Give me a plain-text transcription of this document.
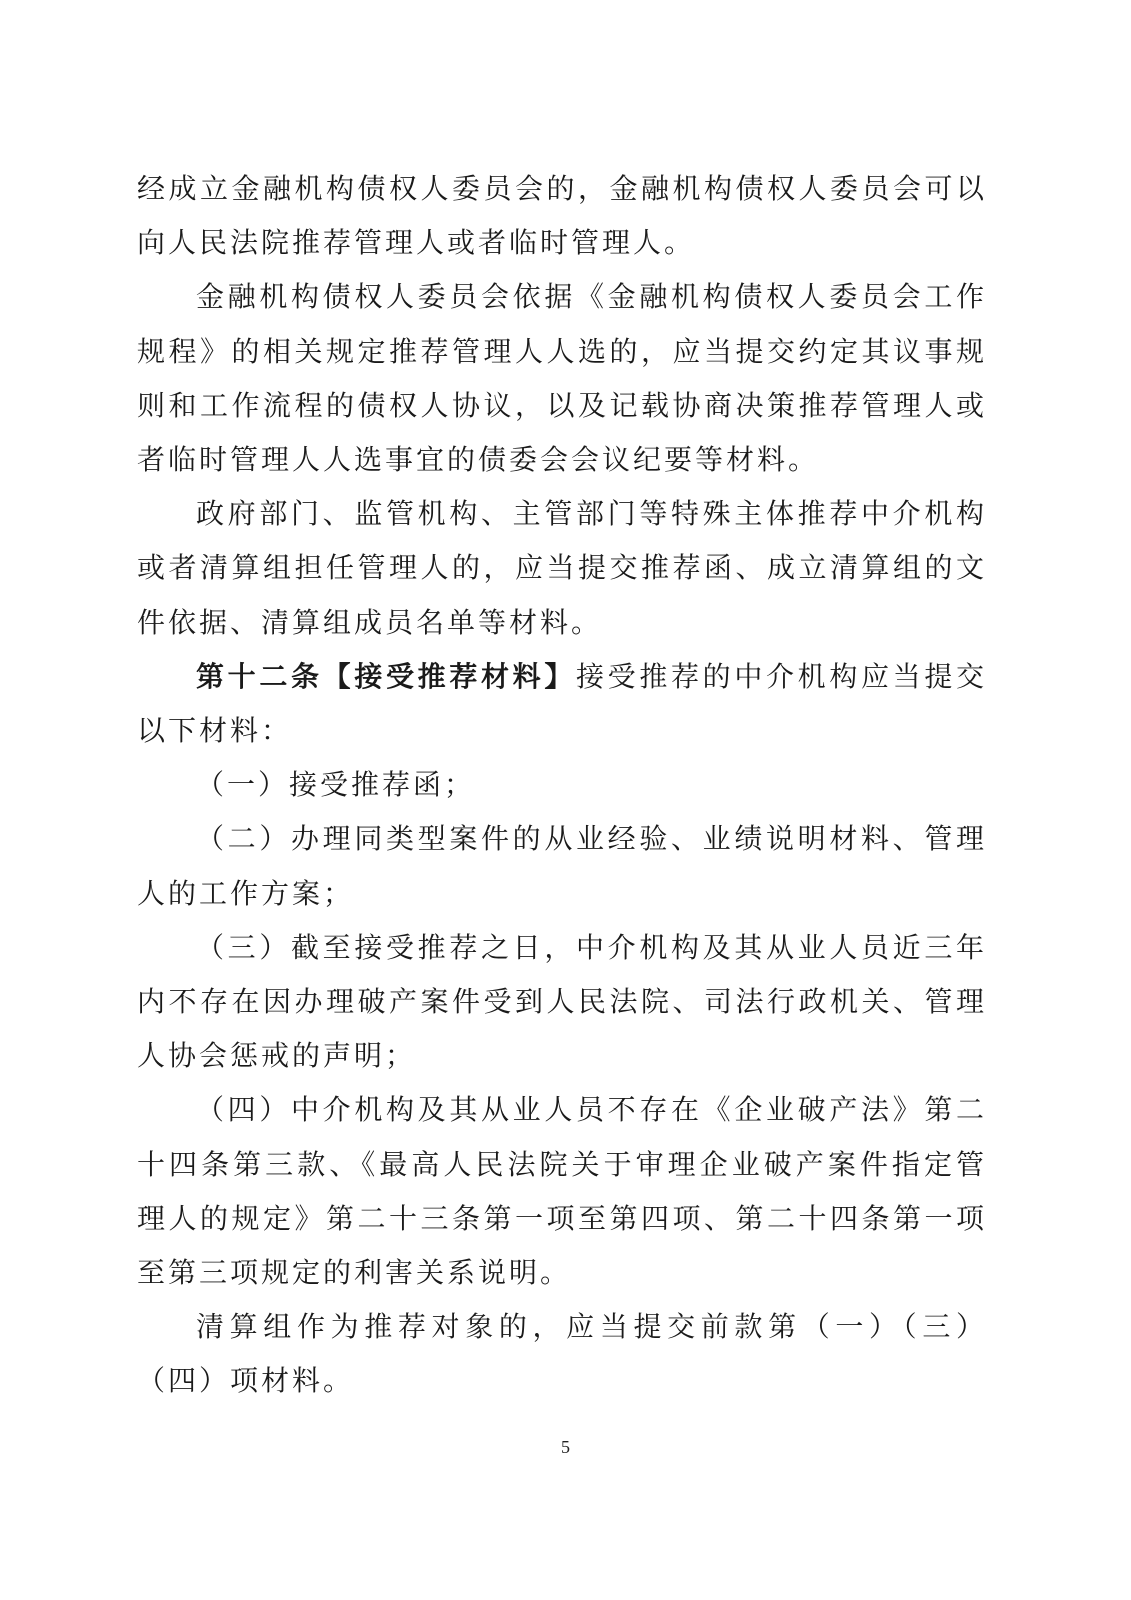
经成立金融机构债权人委员会的，金融机构债权人委员会可以向人民法院推荐管理人或者临时管理人。

金融机构债权人委员会依据《金融机构债权人委员会工作规程》的相关规定推荐管理人人选的，应当提交约定其议事规则和工作流程的债权人协议，以及记载协商决策推荐管理人或者临时管理人人选事宜的债委会会议纪要等材料。

政府部门、监管机构、主管部门等特殊主体推荐中介机构或者清算组担任管理人的，应当提交推荐函、成立清算组的文件依据、清算组成员名单等材料。

第十二条【接受推荐材料】接受推荐的中介机构应当提交以下材料：

（一）接受推荐函；

（二）办理同类型案件的从业经验、业绩说明材料、管理人的工作方案；

（三）截至接受推荐之日，中介机构及其从业人员近三年内不存在因办理破产案件受到人民法院、司法行政机关、管理人协会惩戒的声明；

（四）中介机构及其从业人员不存在《企业破产法》第二十四条第三款、《最高人民法院关于审理企业破产案件指定管理人的规定》第二十三条第一项至第四项、第二十四条第一项至第三项规定的利害关系说明。

清算组作为推荐对象的，应当提交前款第（一）（三）（四）项材料。

5
